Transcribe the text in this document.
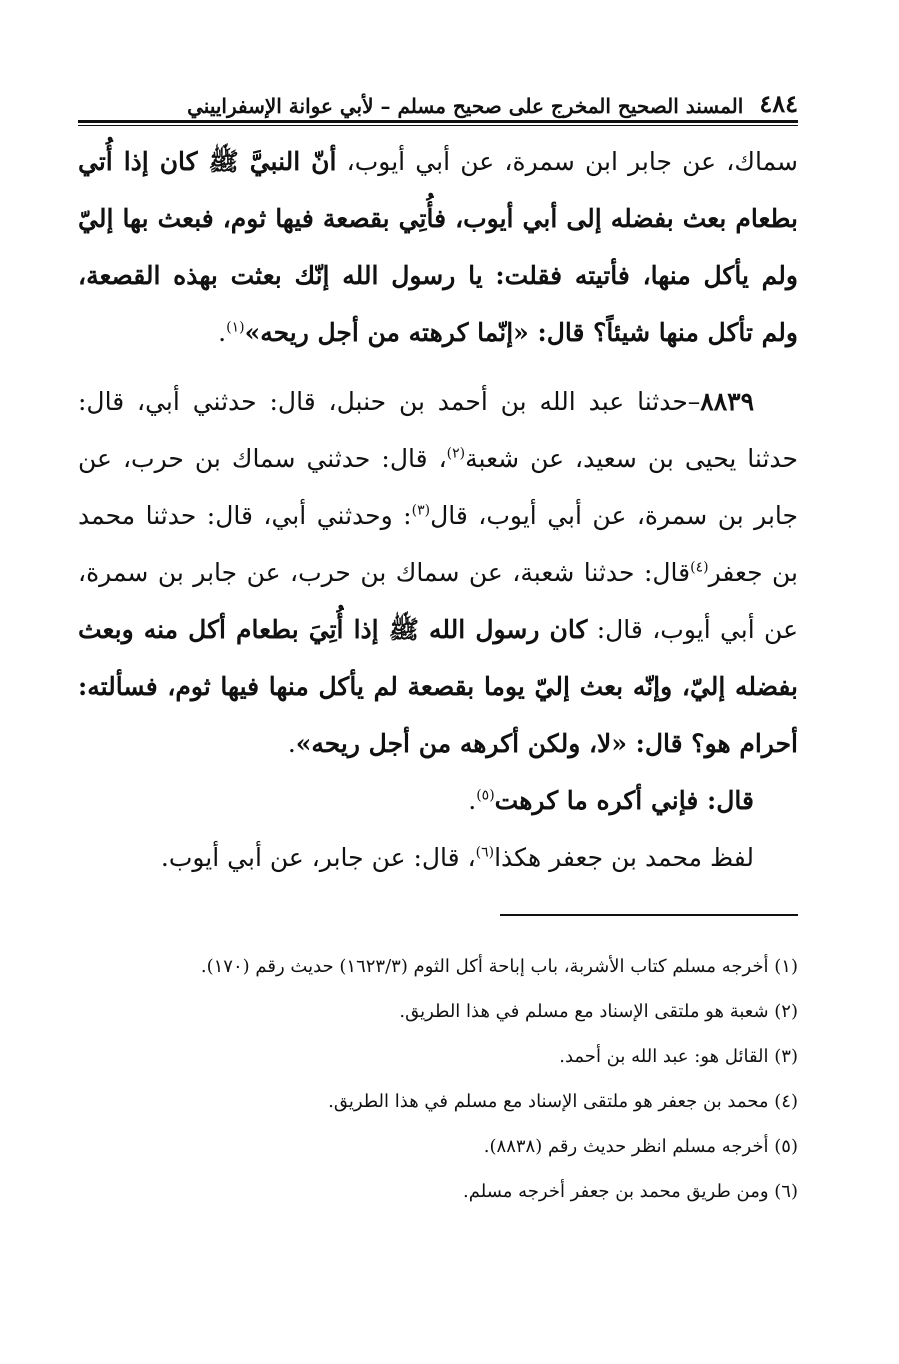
٤٨٤
المسند الصحيح المخرج على صحيح مسلم – لأبي عوانة الإسفراييني

سماك، عن جابر ابن سمرة، عن أبي أيوب، أنّ النبيَّ ﷺ كان إذا أُتي بطعام بعث بفضله إلى أبي أيوب، فأُتِي بقصعة فيها ثوم، فبعث بها إليّ ولم يأكل منها، فأتيته فقلت: يا رسول الله إنّك بعثت بهذه القصعة، ولم تأكل منها شيئاً؟ قال: «إنّما كرهته من أجل ريحه»$^{(١)}$.

٨٨٣٩–حدثنا عبد الله بن أحمد بن حنبل، قال: حدثني أبي، قال: حدثنا يحيى بن سعيد، عن شعبة$^{(٢)}$، قال: حدثني سماك بن حرب، عن جابر بن سمرة، عن أبي أيوب، قال$^{(٣)}$: وحدثني أبي، قال: حدثنا محمد بن جعفر$^{(٤)}$قال: حدثنا شعبة، عن سماك بن حرب، عن جابر بن سمرة، عن أبي أيوب، قال: كان رسول الله ﷺ إذا أُتِيَ بطعام أكل منه وبعث بفضله إليّ، وإنّه بعث إليّ يوما بقصعة لم يأكل منها فيها ثوم، فسألته: أحرام هو؟ قال: «لا، ولكن أكرهه من أجل ريحه».

قال: فإني أكره ما كرهت$^{(٥)}$.

لفظ محمد بن جعفر هكذا$^{(٦)}$، قال: عن جابر، عن أبي أيوب.

(١) أخرجه مسلم كتاب الأشربة، باب إباحة أكل الثوم (١٦٢٣/٣) حديث رقم (١٧٠).

(٢) شعبة هو ملتقى الإسناد مع مسلم في هذا الطريق.

(٣) القائل هو: عبد الله بن أحمد.

(٤) محمد بن جعفر هو ملتقى الإسناد مع مسلم في هذا الطريق.

(٥) أخرجه مسلم انظر حديث رقم (٨٨٣٨).

(٦) ومن طريق محمد بن جعفر أخرجه مسلم.
